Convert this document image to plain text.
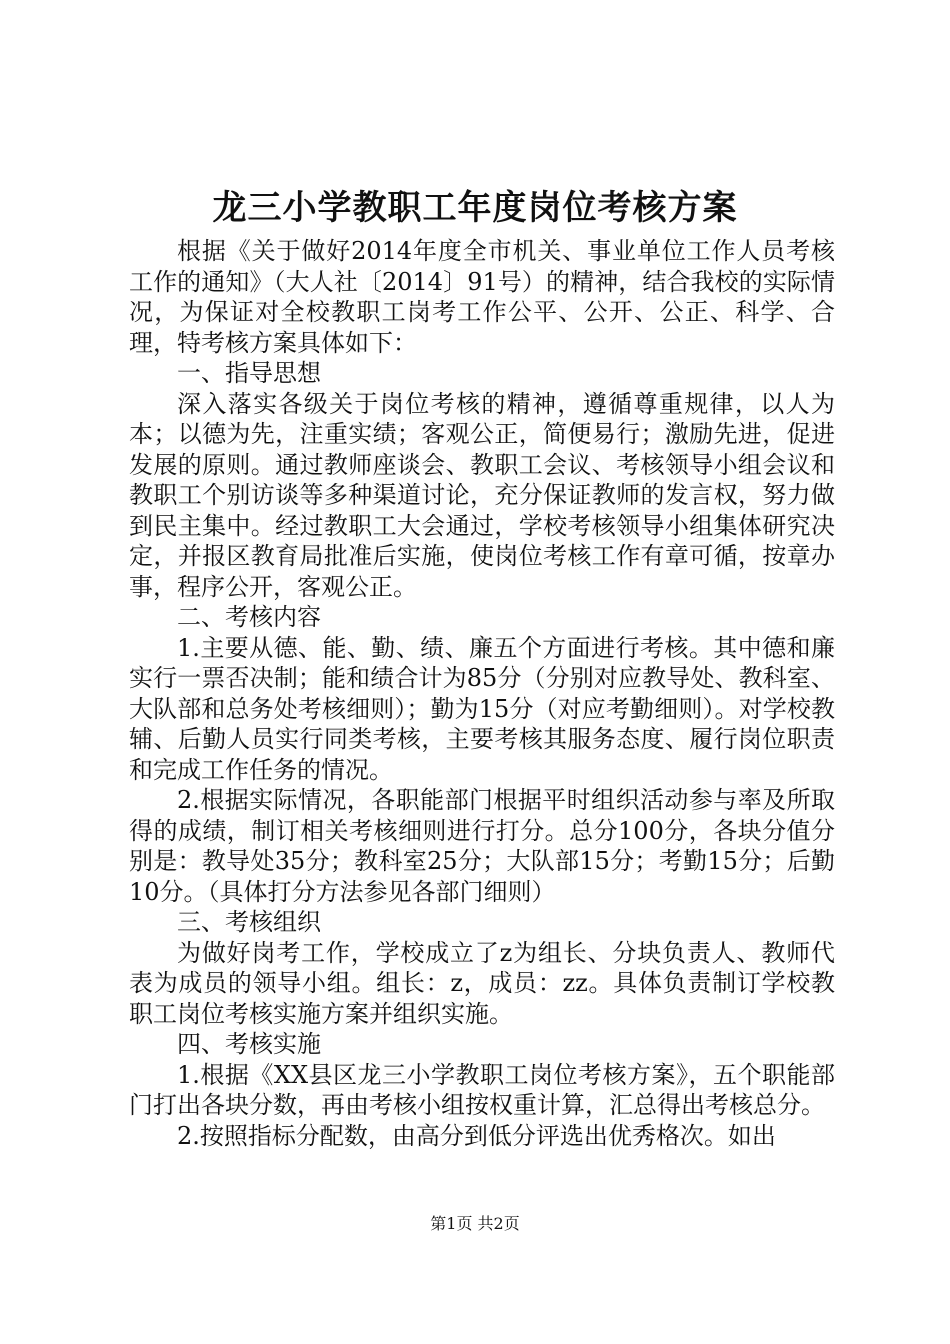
龙三小学教职工年度岗位考核方案

根据《关于做好2014年度全市机关、事业单位工作人员考核工作的通知》（大人社〔2014〕91号）的精神，结合我校的实际情况，为保证对全校教职工岗考工作公平、公开、公正、科学、合理，特考核方案具体如下：

一、指导思想

深入落实各级关于岗位考核的精神，遵循尊重规律，以人为本；以德为先，注重实绩；客观公正，简便易行；激励先进，促进发展的原则。通过教师座谈会、教职工会议、考核领导小组会议和教职工个别访谈等多种渠道讨论，充分保证教师的发言权，努力做到民主集中。经过教职工大会通过，学校考核领导小组集体研究决定，并报区教育局批准后实施，使岗位考核工作有章可循，按章办事，程序公开，客观公正。

二、考核内容

1.主要从德、能、勤、绩、廉五个方面进行考核。其中德和廉实行一票否决制；能和绩合计为85分（分别对应教导处、教科室、大队部和总务处考核细则）；勤为15分（对应考勤细则）。对学校教辅、后勤人员实行同类考核，主要考核其服务态度、履行岗位职责和完成工作任务的情况。

2.根据实际情况，各职能部门根据平时组织活动参与率及所取得的成绩，制订相关考核细则进行打分。总分100分，各块分值分别是：教导处35分；教科室25分；大队部15分；考勤15分；后勤10分。（具体打分方法参见各部门细则）

三、考核组织

为做好岗考工作，学校成立了z为组长、分块负责人、教师代表为成员的领导小组。组长：z，成员：zz。具体负责制订学校教职工岗位考核实施方案并组织实施。

四、考核实施

1.根据《XX县区龙三小学教职工岗位考核方案》，五个职能部门打出各块分数，再由考核小组按权重计算，汇总得出考核总分。

2.按照指标分配数，由高分到低分评选出优秀格次。如出

第1页 共2页
